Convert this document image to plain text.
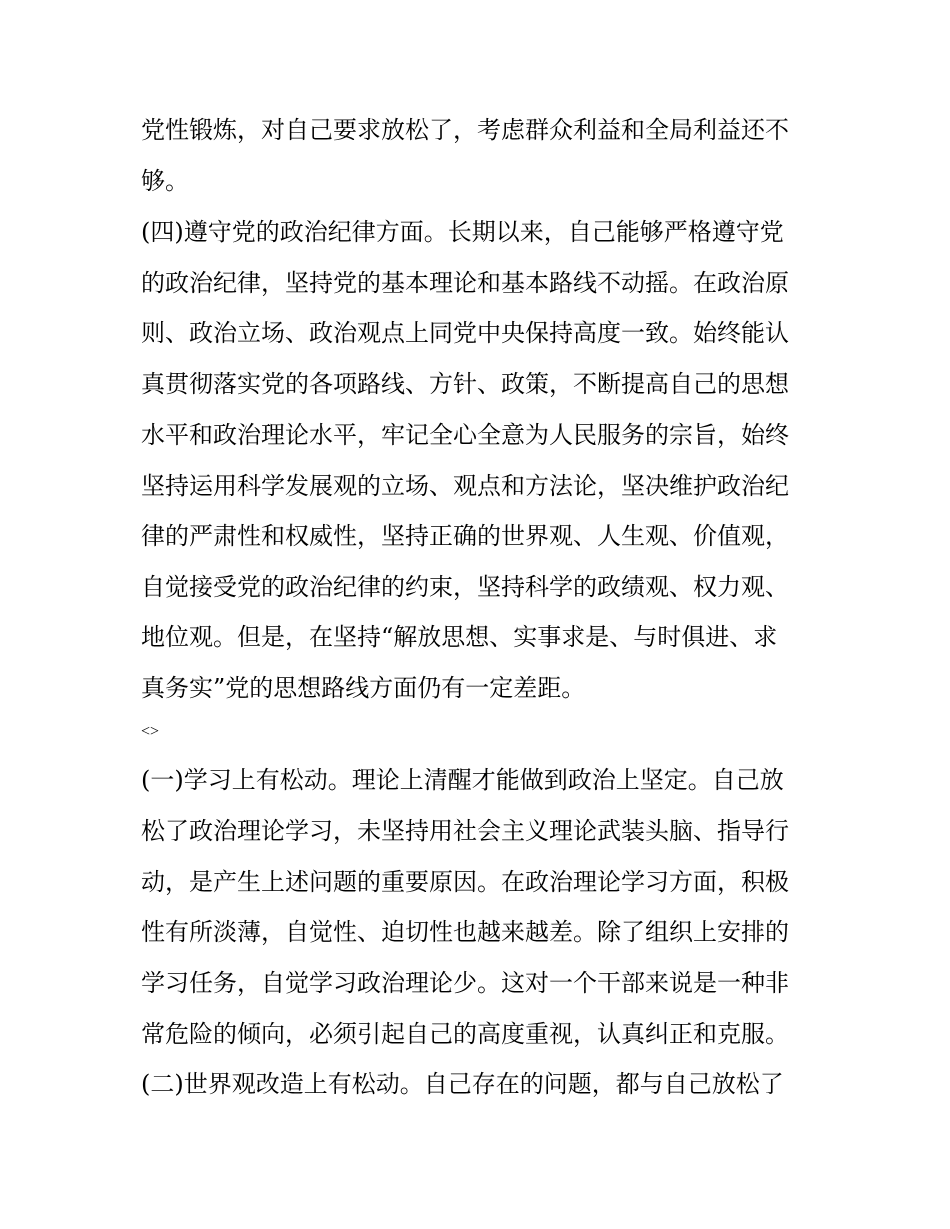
党性锻炼，对自己要求放松了，考虑群众利益和全局利益还不
够。
(四)遵守党的政治纪律方面。长期以来，自己能够严格遵守党
的政治纪律，坚持党的基本理论和基本路线不动摇。在政治原
则、政治立场、政治观点上同党中央保持高度一致。始终能认
真贯彻落实党的各项路线、方针、政策，不断提高自己的思想
水平和政治理论水平，牢记全心全意为人民服务的宗旨，始终
坚持运用科学发展观的立场、观点和方法论，坚决维护政治纪
律的严肃性和权威性，坚持正确的世界观、人生观、价值观，
自觉接受党的政治纪律的约束，坚持科学的政绩观、权力观、
地位观。但是，在坚持“解放思想、实事求是、与时俱进、求
真务实”党的思想路线方面仍有一定差距。
<>
(一)学习上有松动。理论上清醒才能做到政治上坚定。自己放
松了政治理论学习，未坚持用社会主义理论武装头脑、指导行
动，是产生上述问题的重要原因。在政治理论学习方面，积极
性有所淡薄，自觉性、迫切性也越来越差。除了组织上安排的
学习任务，自觉学习政治理论少。这对一个干部来说是一种非
常危险的倾向，必须引起自己的高度重视，认真纠正和克服。
(二)世界观改造上有松动。自己存在的问题，都与自己放松了
